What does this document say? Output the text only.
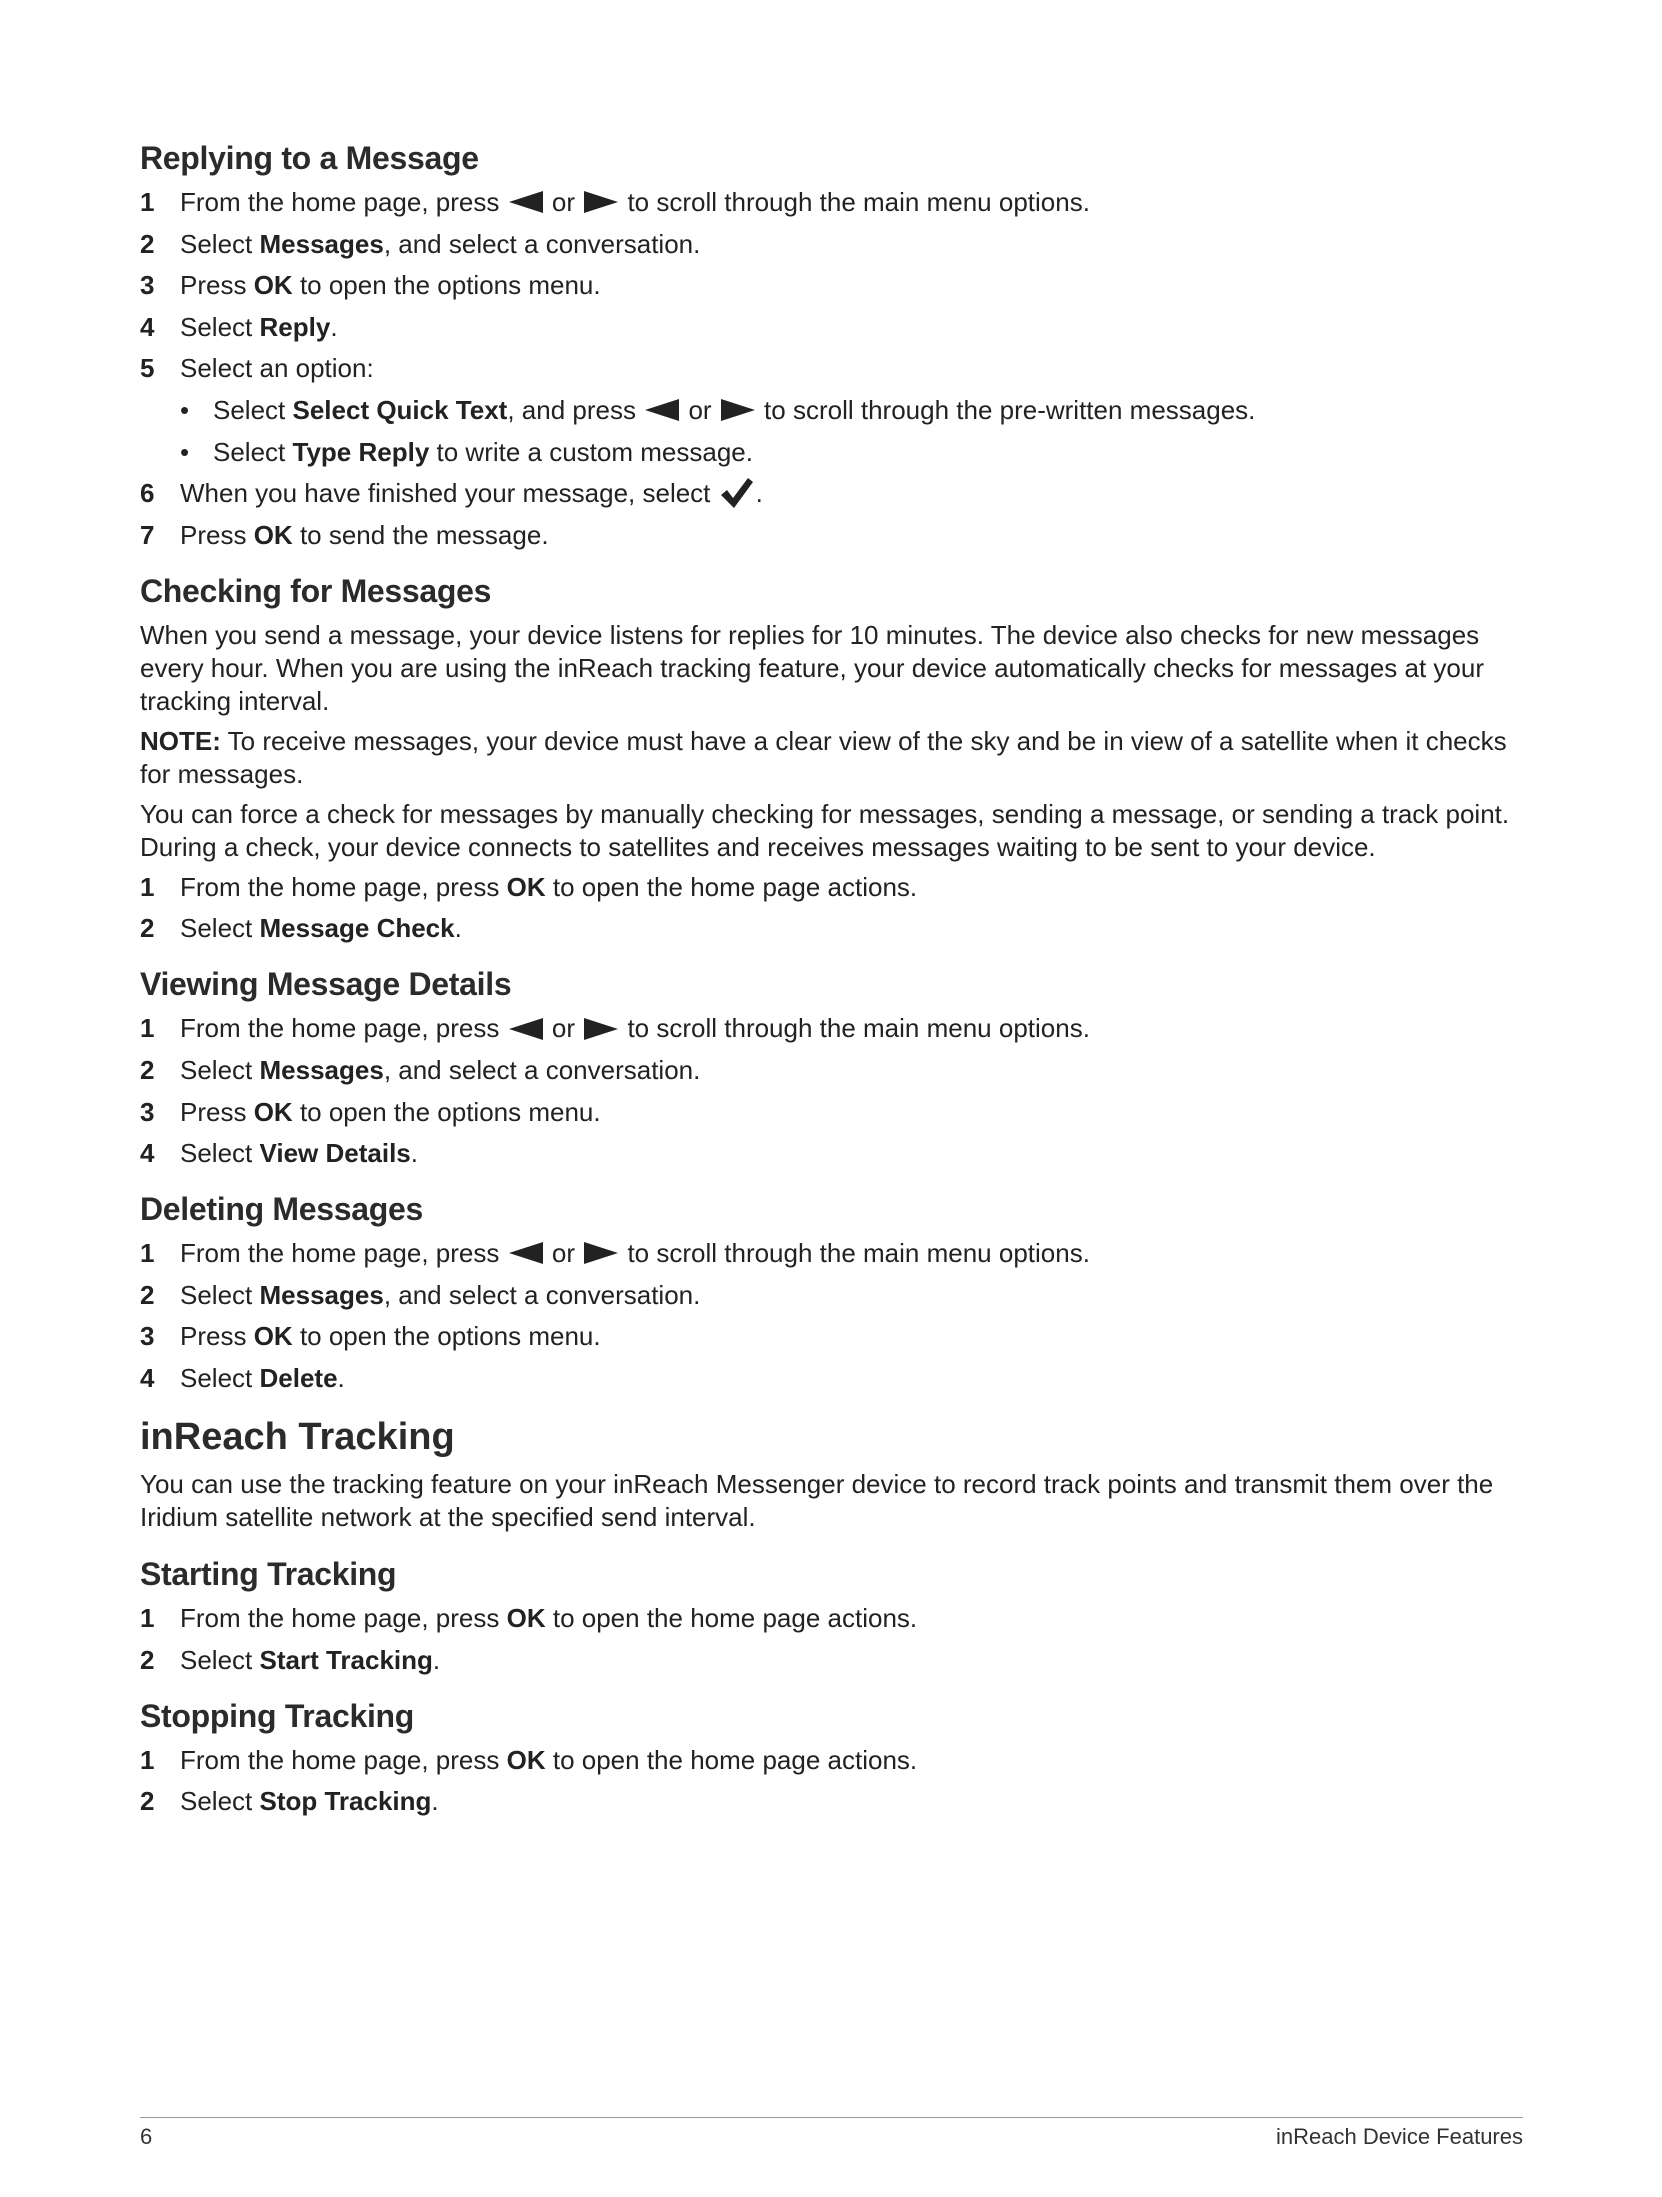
Replying to a Message
1 From the home page, press or to scroll through the main menu options.
2 Select Messages, and select a conversation.
3 Press OK to open the options menu.
4 Select Reply.
5 Select an option:
• Select Select Quick Text, and press or to scroll through the pre-written messages.
• Select Type Reply to write a custom message.
6 When you have finished your message, select .
7 Press OK to send the message.
Checking for Messages

When you send a message, your device listens for replies for 10 minutes. The device also checks for new messages every hour. When you are using the inReach tracking feature, your device automatically checks for messages at your tracking interval.

NOTE: To receive messages, your device must have a clear view of the sky and be in view of a satellite when it checks for messages.

You can force a check for messages by manually checking for messages, sending a message, or sending a track point. During a check, your device connects to satellites and receives messages waiting to be sent to your device.

1 From the home page, press OK to open the home page actions.
2 Select Message Check.
Viewing Message Details
1 From the home page, press or to scroll through the main menu options.
2 Select Messages, and select a conversation.
3 Press OK to open the options menu.
4 Select View Details.
Deleting Messages
1 From the home page, press or to scroll through the main menu options.
2 Select Messages, and select a conversation.
3 Press OK to open the options menu.
4 Select Delete.
inReach Tracking

You can use the tracking feature on your inReach Messenger device to record track points and transmit them over the Iridium satellite network at the specified send interval.

Starting Tracking
1 From the home page, press OK to open the home page actions.
2 Select Start Tracking.
Stopping Tracking
1 From the home page, press OK to open the home page actions.
2 Select Stop Tracking.
6	inReach Device Features
